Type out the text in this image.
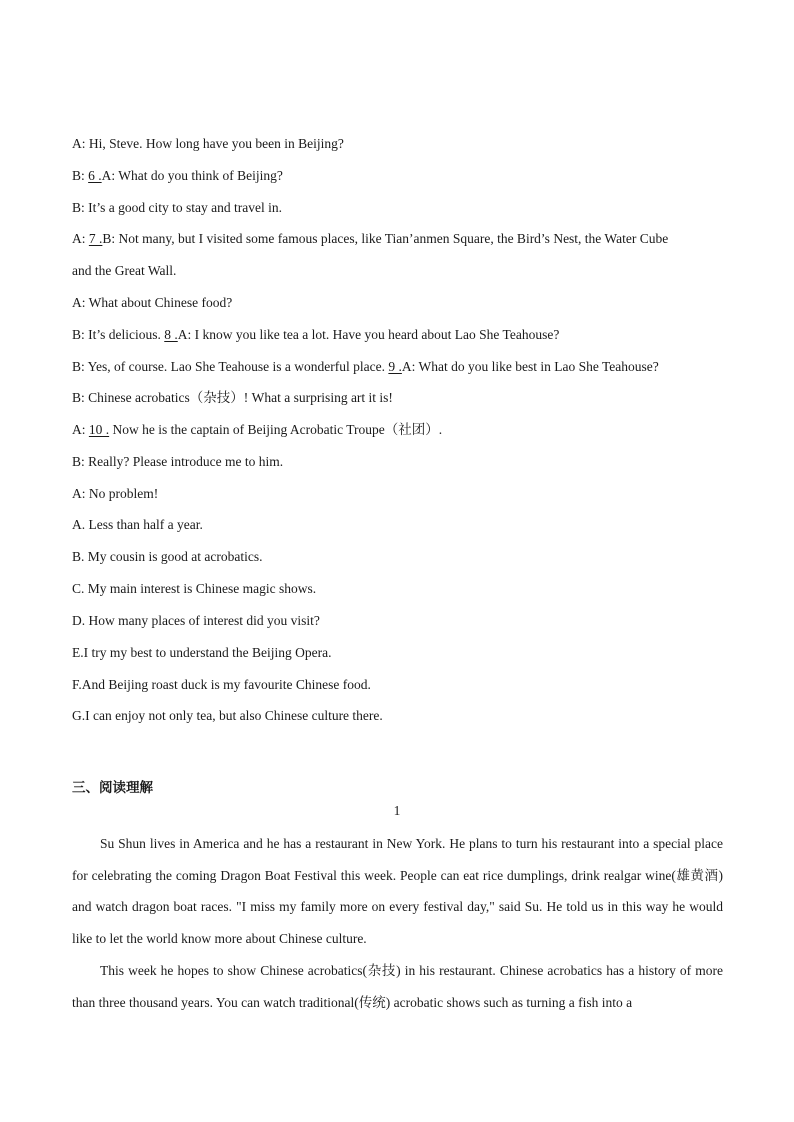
A: Hi, Steve. How long have you been in Beijing?
B: 6 .A: What do you think of Beijing?
B: It’s a good city to stay and travel in.
A: 7 .B: Not many, but I visited some famous places, like Tian’anmen Square, the Bird’s Nest, the Water Cube
and the Great Wall.
A: What about Chinese food?
B: It’s delicious. 8 .A: I know you like tea a lot. Have you heard about Lao She Teahouse?
B: Yes, of course. Lao She Teahouse is a wonderful place. 9 .A: What do you like best in Lao She Teahouse?
B: Chinese acrobatics（杂技）! What a surprising art it is!
A: 10 . Now he is the captain of Beijing Acrobatic Troupe（社团）.
B: Really? Please introduce me to him.
A: No problem!
A. Less than half a year.
B. My cousin is good at acrobatics.
C. My main interest is Chinese magic shows.
D. How many places of interest did you visit?
E.I try my best to understand the Beijing Opera.
F.And Beijing roast duck is my favourite Chinese food.
G.I can enjoy not only tea, but also Chinese culture there.
三、阅读理解
1
Su Shun lives in America and he has a restaurant in New York. He plans to turn his restaurant into a special place for celebrating the coming Dragon Boat Festival this week. People can eat rice dumplings, drink realgar wine(雄黄酒) and watch dragon boat races. "I miss my family more on every festival day," said Su. He told us in this way he would like to let the world know more about Chinese culture.
This week he hopes to show Chinese acrobatics(杂技) in his restaurant. Chinese acrobatics has a history of more than three thousand years. You can watch traditional(传统) acrobatic shows such as turning a fish into a
